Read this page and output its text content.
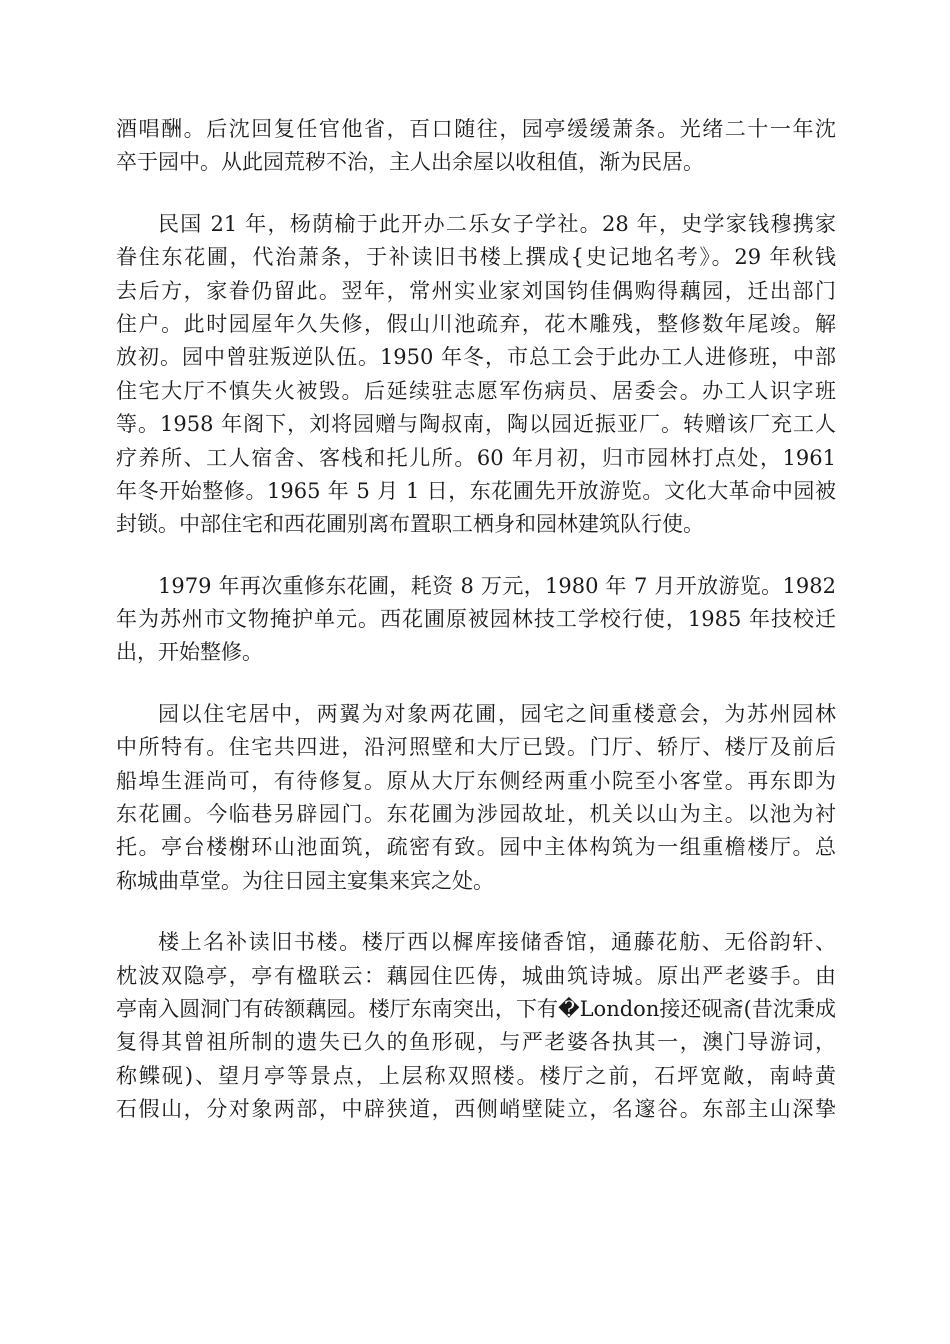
酒唱酬。后沈回复任官他省，百口随往，园亭缓缓萧条。光绪二十一年沈
卒于园中。从此园荒秽不治，主人出余屋以收租值，渐为民居。
民国 21 年，杨荫榆于此开办二乐女子学社。28 年，史学家钱穆携家
眷住东花圃，代治萧条，于补读旧书楼上撰成{史记地名考》。29 年秋钱
去后方，家眷仍留此。翌年，常州实业家刘国钧佳偶购得藕园，迁出部门
住户。此时园屋年久失修，假山川池疏弃，花木雕残，整修数年尾竣。解
放初。园中曾驻叛逆队伍。1950 年冬，市总工会于此办工人进修班，中部
住宅大厅不慎失火被毁。后延续驻志愿军伤病员、居委会。办工人识字班
等。1958 年阁下，刘将园赠与陶叔南，陶以园近振亚厂。转赠该厂充工人
疗养所、工人宿舍、客栈和托儿所。60 年月初，归市园林打点处，1961
年冬开始整修。1965 年 5 月 1 日，东花圃先开放游览。文化大革命中园被
封锁。中部住宅和西花圃别离布置职工栖身和园林建筑队行使。
1979 年再次重修东花圃，耗资 8 万元，1980 年 7 月开放游览。1982
年为苏州市文物掩护单元。西花圃原被园林技工学校行使，1985 年技校迁
出，开始整修。
园以住宅居中，两翼为对象两花圃，园宅之间重楼意会，为苏州园林
中所特有。住宅共四进，沿河照壁和大厅已毁。门厅、轿厅、楼厅及前后
船埠生涯尚可，有待修复。原从大厅东侧经两重小院至小客堂。再东即为
东花圃。今临巷另辟园门。东花圃为涉园故址，机关以山为主。以池为衬
托。亭台楼榭环山池面筑，疏密有致。园中主体构筑为一组重檐楼厅。总
称城曲草堂。为往日园主宴集来宾之处。
楼上名补读旧书楼。楼厅西以樨库接储香馆，通藤花舫、无俗韵轩、
枕波双隐亭，亭有楹联云：藕园住匹俦，城曲筑诗城。原出严老婆手。由
亭南入圆洞门有砖额藕园。楼厅东南突出，下有�London接还砚斋(昔沈秉成
复得其曾祖所制的遗失已久的鱼形砚，与严老婆各执其一，澳门导游词，
称鲽砚)、望月亭等景点，上层称双照楼。楼厅之前，石坪宽敞，南峙黄
石假山，分对象两部，中辟狭道，西侧峭壁陡立，名邃谷。东部主山深挚
